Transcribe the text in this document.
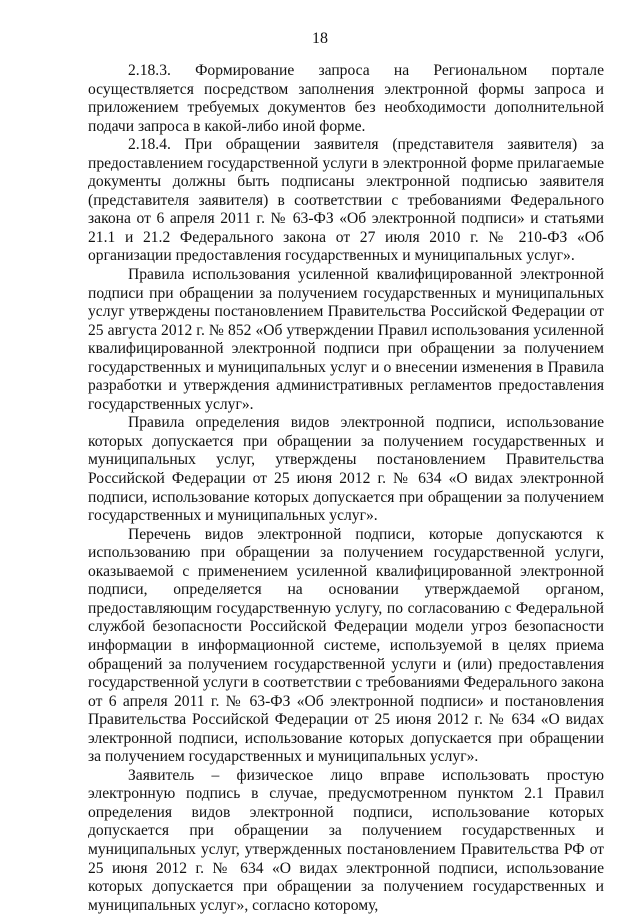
18

2.18.3. Формирование запроса на Региональном портале осуществляется посредством заполнения электронной формы запроса и приложением требуемых документов без необходимости дополнительной подачи запроса в какой-либо иной форме.

2.18.4. При обращении заявителя (представителя заявителя) за предоставлением государственной услуги в электронной форме прилагаемые документы должны быть подписаны электронной подписью заявителя (представителя заявителя) в соответствии с требованиями Федерального закона от 6 апреля 2011 г. № 63-ФЗ «Об электронной подписи» и статьями 21.1 и 21.2 Федерального закона от 27 июля 2010 г. № 210-ФЗ «Об организации предоставления государственных и муниципальных услуг».

Правила использования усиленной квалифицированной электронной подписи при обращении за получением государственных и муниципальных услуг утверждены постановлением Правительства Российской Федерации от 25 августа 2012 г. № 852 «Об утверждении Правил использования усиленной квалифицированной электронной подписи при обращении за получением государственных и муниципальных услуг и о внесении изменения в Правила разработки и утверждения административных регламентов предоставления государственных услуг».

Правила определения видов электронной подписи, использование которых допускается при обращении за получением государственных и муниципальных услуг, утверждены постановлением Правительства Российской Федерации от 25 июня 2012 г. № 634 «О видах электронной подписи, использование которых допускается при обращении за получением государственных и муниципальных услуг».

Перечень видов электронной подписи, которые допускаются к использованию при обращении за получением государственной услуги, оказываемой с применением усиленной квалифицированной электронной подписи, определяется на основании утверждаемой органом, предоставляющим государственную услугу, по согласованию с Федеральной службой безопасности Российской Федерации модели угроз безопасности информации в информационной системе, используемой в целях приема обращений за получением государственной услуги и (или) предоставления государственной услуги в соответствии с требованиями Федерального закона от 6 апреля 2011 г. № 63-ФЗ «Об электронной подписи» и постановления Правительства Российской Федерации от 25 июня 2012 г. № 634 «О видах электронной подписи, использование которых допускается при обращении за получением государственных и муниципальных услуг».

Заявитель – физическое лицо вправе использовать простую электронную подпись в случае, предусмотренном пунктом 2.1 Правил определения видов электронной подписи, использование которых допускается при обращении за получением государственных и муниципальных услуг, утвержденных постановлением Правительства РФ от 25 июня 2012 г. № 634 «О видах электронной подписи, использование которых допускается при обращении за получением государственных и муниципальных услуг», согласно которому,
